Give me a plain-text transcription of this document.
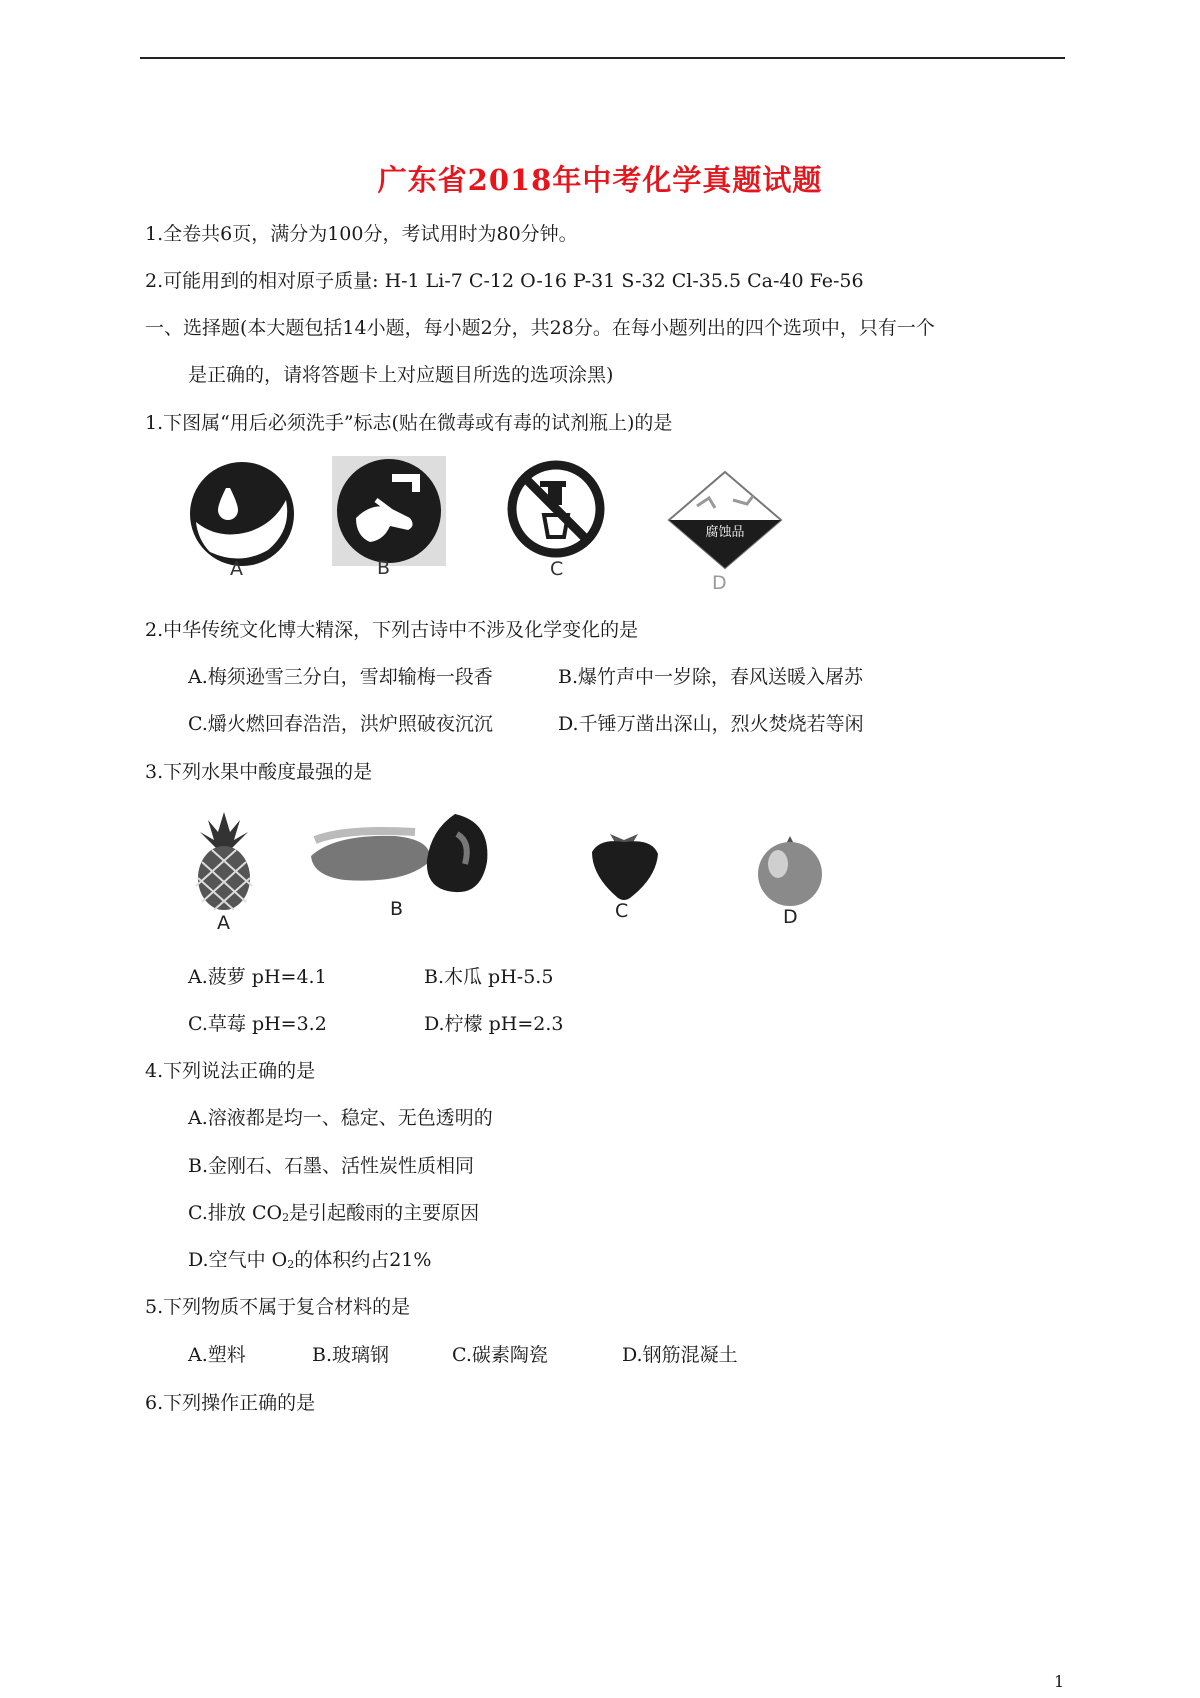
广东省2018年中考化学真题试题
1.全卷共6页，满分为100分，考试用时为80分钟。
2.可能用到的相对原子质量: H-1 Li-7 C-12 O-16 P-31 S-32 Cl-35.5 Ca-40 Fe-56
一、选择题(本大题包括14小题，每小题2分，共28分。在每小题列出的四个选项中，只有一个
是正确的，请将答题卡上对应题目所选的选项涂黑)
1.下图属“用后必须洗手”标志(贴在微毒或有毒的试剂瓶上)的是
A	B	C
腐蚀品
D
2.中华传统文化博大精深，下列古诗中不涉及化学变化的是
A.梅须逊雪三分白，雪却输梅一段香	B.爆竹声中一岁除，春风送暖入屠苏
C.爝火燃回春浩浩，洪炉照破夜沉沉	D.千锤万凿出深山，烈火焚烧若等闲
3.下列水果中酸度最强的是
A
B	C	D
A.菠萝 pH=4.1	B.木瓜 pH-5.5
C.草莓 pH=3.2	D.柠檬 pH=2.3
4.下列说法正确的是
A.溶液都是均一、稳定、无色透明的
B.金刚石、石墨、活性炭性质相同
C.排放 $CO_2$是引起酸雨的主要原因
D.空气中 $O_2$的体积约占21%
5.下列物质不属于复合材料的是
A.塑料	B.玻璃钢	C.碳素陶瓷	D.钢筋混凝土
6.下列操作正确的是
1
